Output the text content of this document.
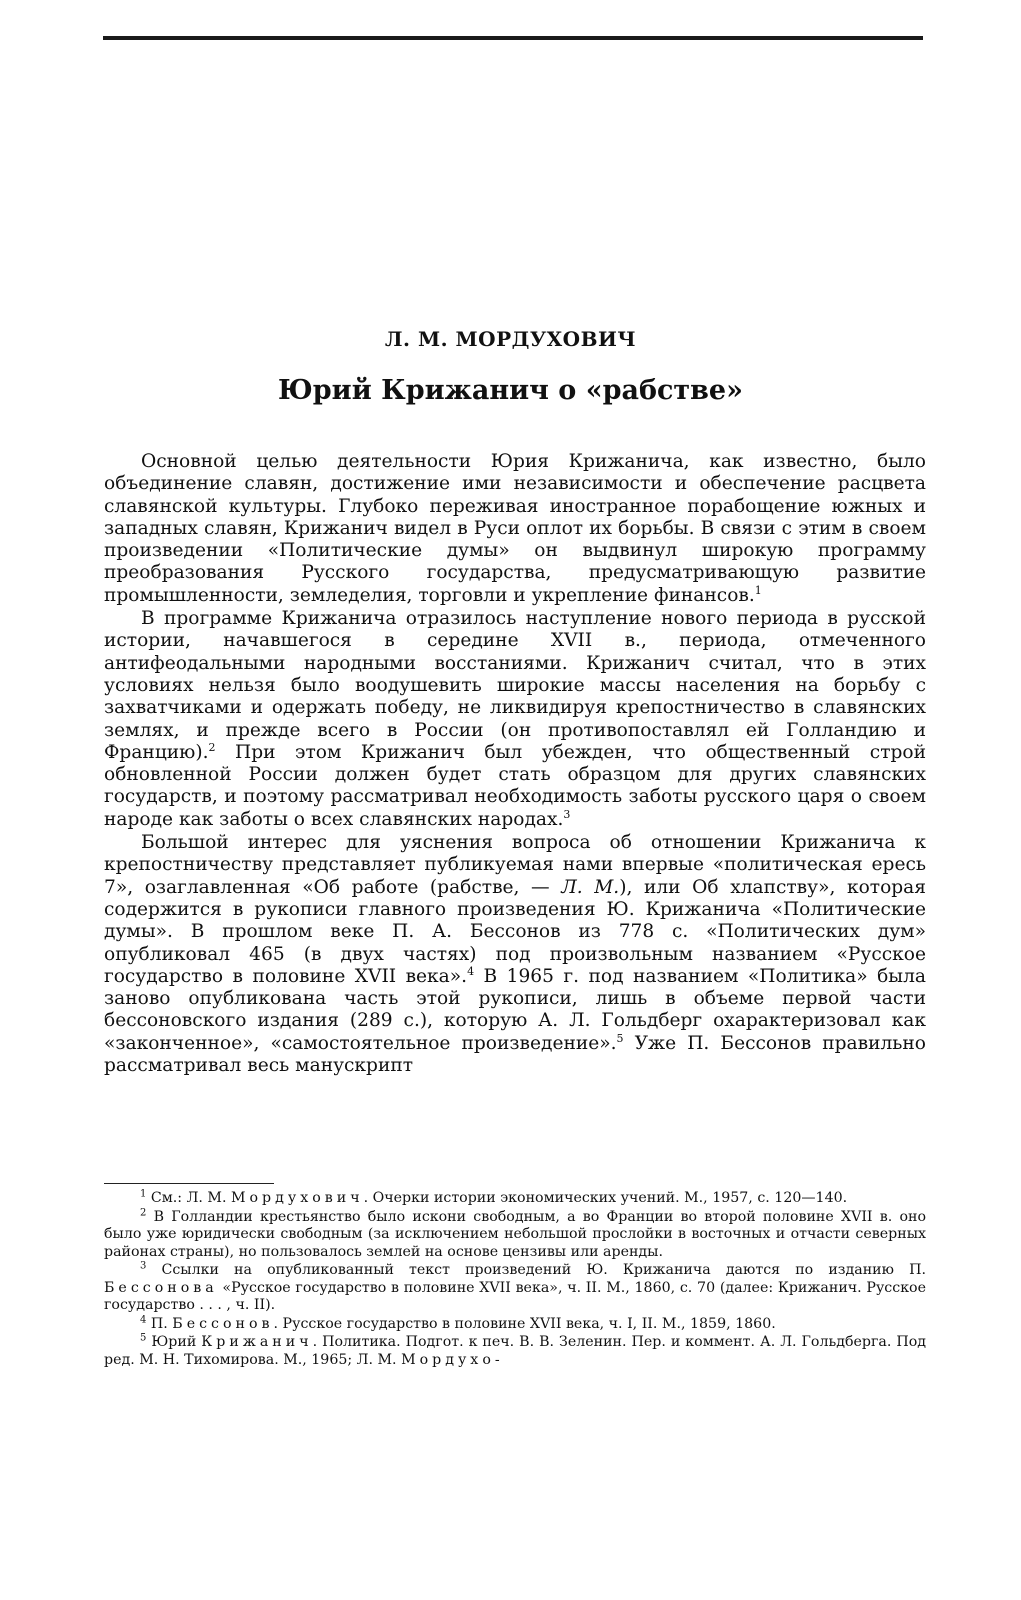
Л. М. МОРДУХОВИЧ
Юрий Крижанич о «рабстве»

Основной целью деятельности Юрия Крижанича, как известно, было объединение славян, достижение ими независимости и обеспечение расцвета славянской культуры. Глубоко переживая иностранное порабощение южных и западных славян, Крижанич видел в Руси оплот их борьбы. В связи с этим в своем произведении «Политические думы» он выдвинул широкую программу преобразования Русского государства, предусматривающую развитие промышленности, земледелия, торговли и укрепление финансов.$^1$

В программе Крижанича отразилось наступление нового периода в русской истории, начавшегося в середине XVII в., периода, отмеченного антифеодальными народными восстаниями. Крижанич считал, что в этих условиях нельзя было воодушевить широкие массы населения на борьбу с захватчиками и одержать победу, не ликвидируя крепостничество в славянских землях, и прежде всего в России (он противопоставлял ей Голландию и Францию).$^2$ При этом Крижанич был убежден, что общественный строй обновленной России должен будет стать образцом для других славянских государств, и поэтому рассматривал необходимость заботы русского царя о своем народе как заботы о всех славянских народах.$^3$

Большой интерес для уяснения вопроса об отношении Крижанича к крепостничеству представляет публикуемая нами впервые «политическая ересь 7», озаглавленная «Об работе (рабстве, — Л. М.), или Об хлапству», которая содержится в рукописи главного произведения Ю. Крижанича «Политические думы». В прошлом веке П. А. Бессонов из 778 с. «Политических дум» опубликовал 465 (в двух частях) под произвольным названием «Русское государство в половине XVII века».$^4$ В 1965 г. под названием «Политика» была заново опубликована часть этой рукописи, лишь в объеме первой части бессоновского издания (289 с.), которую А. Л. Гольдберг охарактеризовал как «законченное», «самостоятельное произведение».$^5$ Уже П. Бессонов правильно рассматривал весь манускрипт

$^1$ См.: Л. М. Мордухович. Очерки истории экономических учений. М., 1957, с. 120—140.

$^2$ В Голландии крестьянство было искони свободным, а во Франции во второй половине XVII в. оно было уже юридически свободным (за исключением небольшой прослойки в восточных и отчасти северных районах страны), но пользовалось землей на основе цензивы или аренды.

$^3$ Ссылки на опубликованный текст произведений Ю. Крижанича даются по изданию П. Бессонова «Русское государство в половине XVII века», ч. II. М., 1860, с. 70 (далее: Крижанич. Русское государство . . . , ч. II).

$^4$ П. Бессонов. Русское государство в половине XVII века, ч. I, II. М., 1859, 1860.

$^5$ Юрий Крижанич. Политика. Подгот. к печ. В. В. Зеленин. Пер. и коммент. А. Л. Гольдберга. Под ред. М. Н. Тихомирова. М., 1965; Л. М. Мордухо-
